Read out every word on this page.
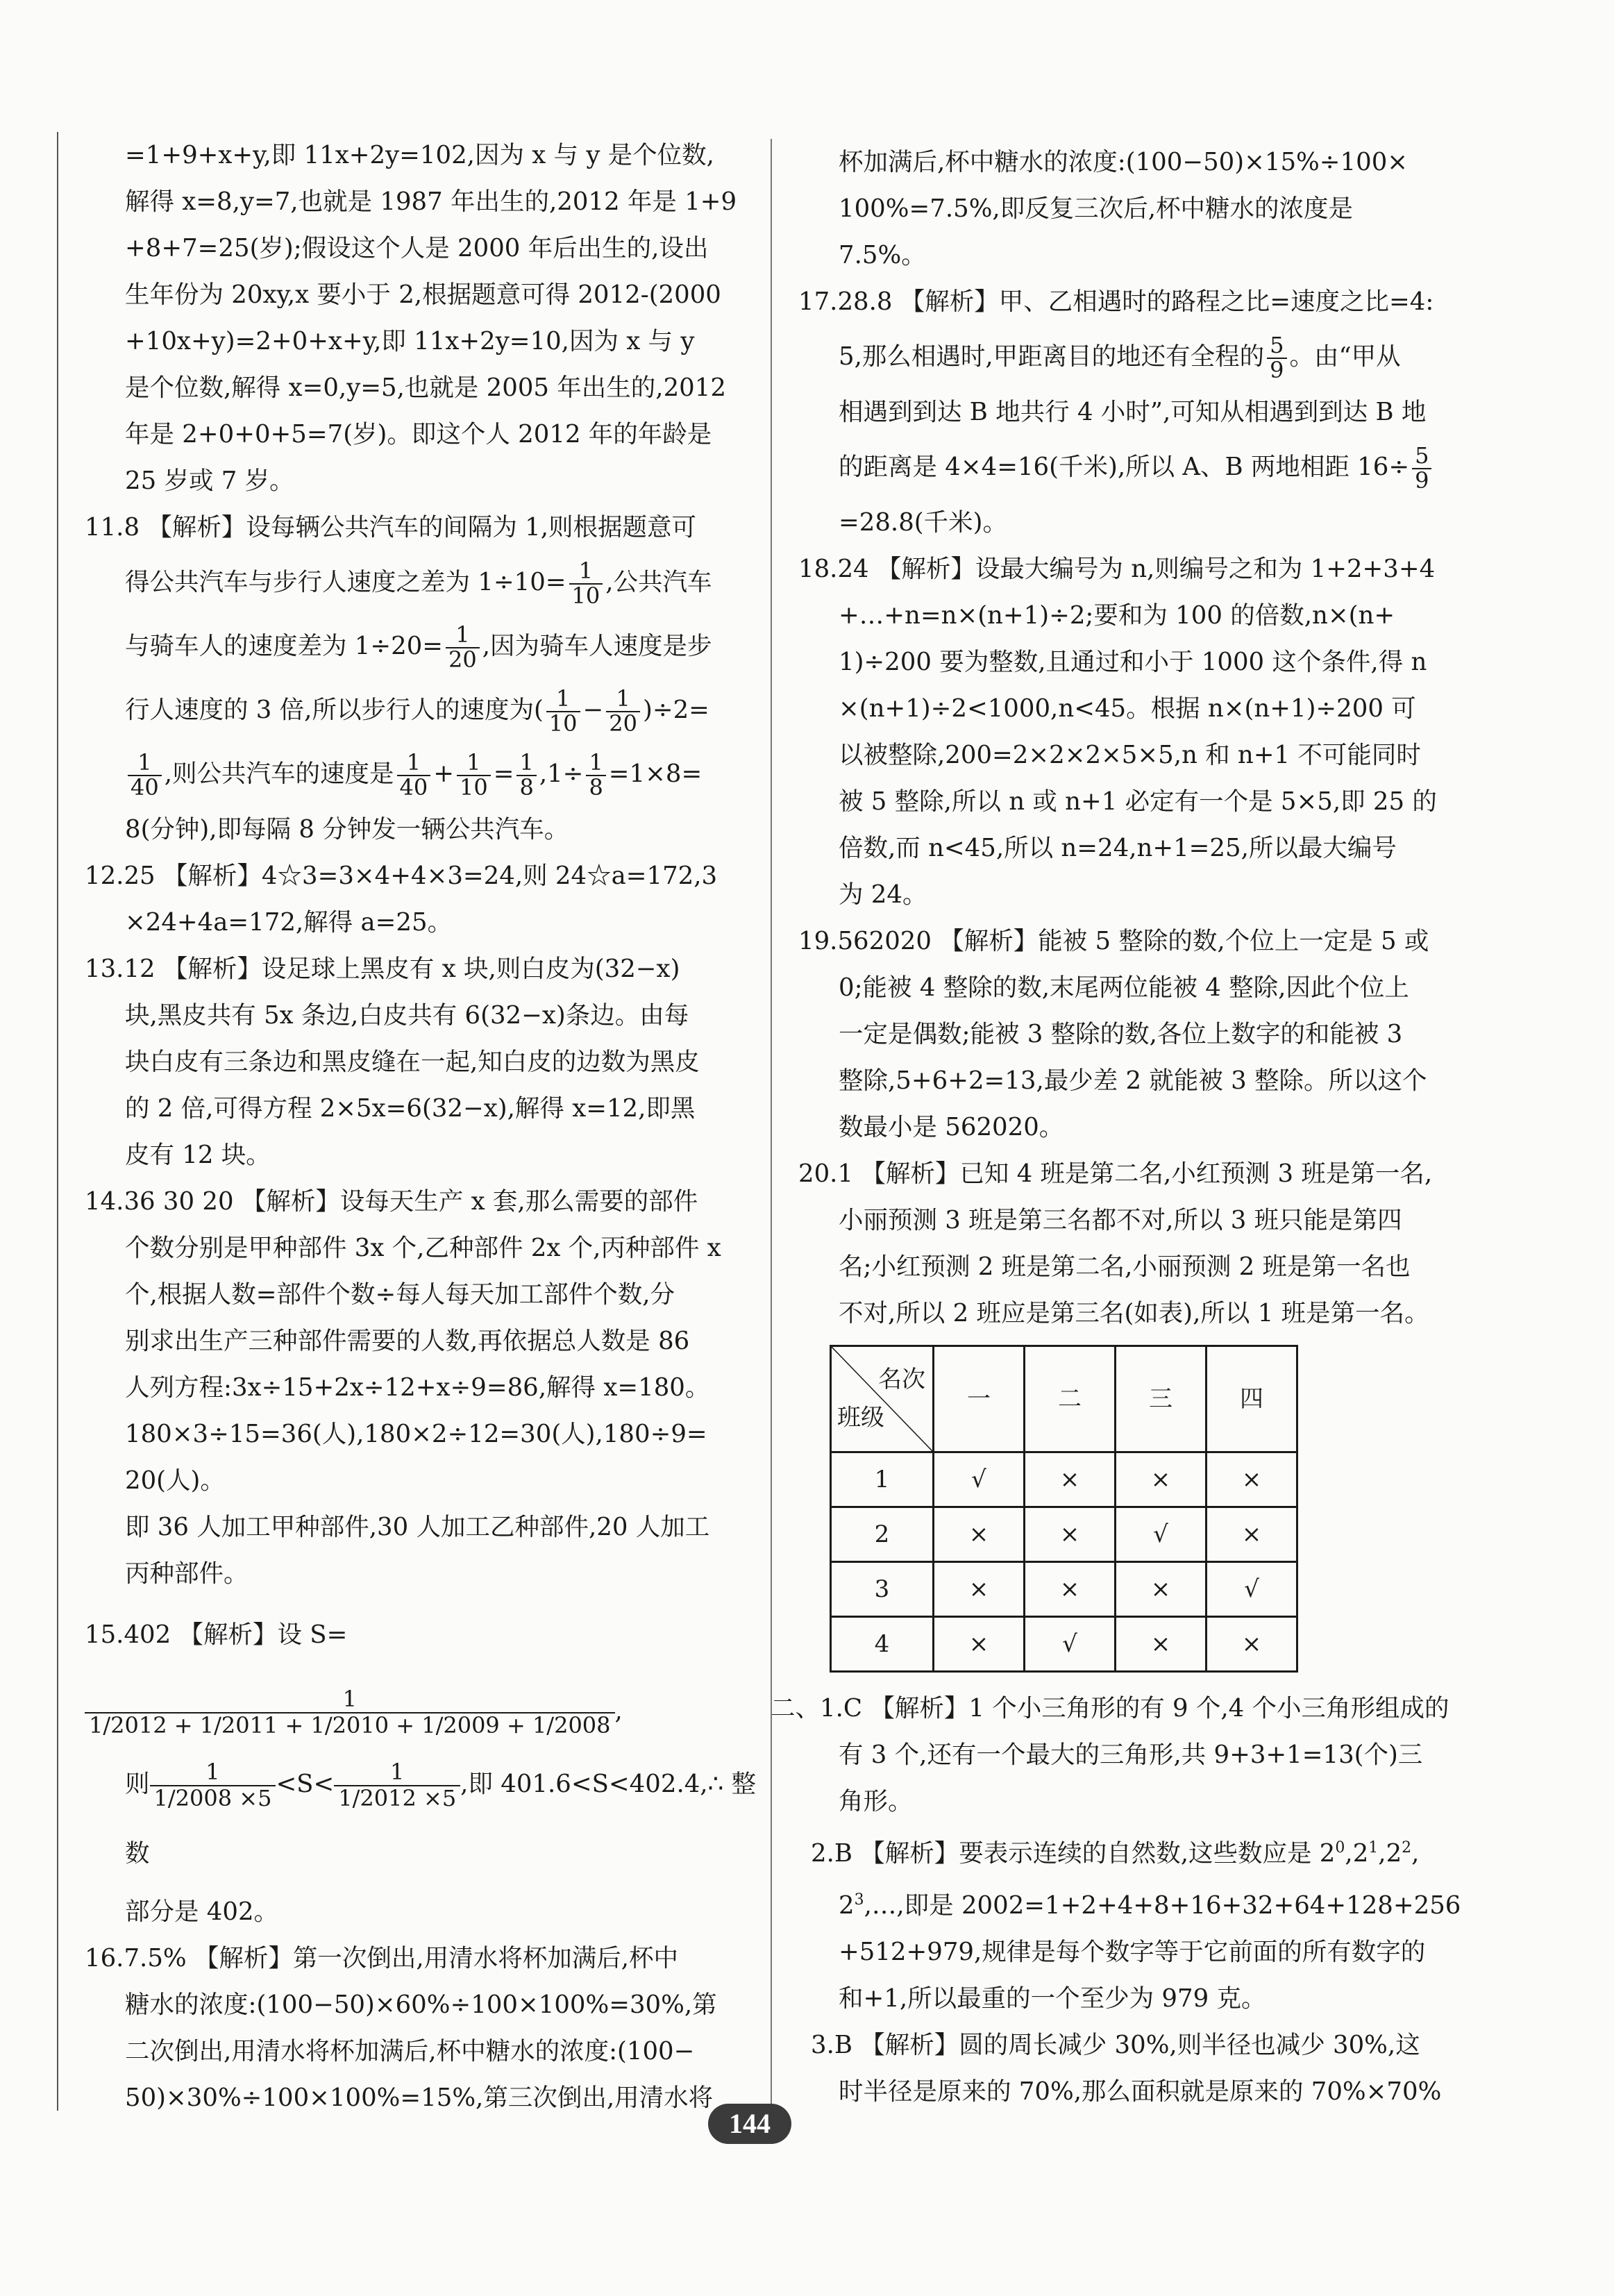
=1+9+x+y,即 11x+2y=102,因为 x 与 y 是个位数,

解得 x=8,y=7,也就是 1987 年出生的,2012 年是 1+9

+8+7=25(岁);假设这个人是 2000 年后出生的,设出

生年份为 20xy,x 要小于 2,根据题意可得 2012-(2000

+10x+y)=2+0+x+y,即 11x+2y=10,因为 x 与 y

是个位数,解得 x=0,y=5,也就是 2005 年出生的,2012

年是 2+0+0+5=7(岁)。即这个人 2012 年的年龄是

25 岁或 7 岁。

11.8 【解析】设每辆公共汽车的间隔为 1,则根据题意可

得公共汽车与步行人速度之差为 $1\div 10= \frac{1}{10}$ ,公共汽车

与骑车人的速度差为 $1\div 20= \frac{1}{20}$ ,因为骑车人速度是步

行人速度的 3 倍,所以步行人的速度为( $\frac{1}{10} - \frac{1}{20} )\div 2=$

$\frac{1}{40}$ ,则公共汽车的速度是 $\frac{1}{40} + \frac{1}{10} = \frac{1}{8} ,1\div \frac{1}{8} =1\times 8=$

8(分钟),即每隔 8 分钟发一辆公共汽车。

12.25 【解析】4☆3=3×4+4×3=24,则 24☆a=172,3

×24+4a=172,解得 a=25。

13.12 【解析】设足球上黑皮有 x 块,则白皮为(32−x)

块,黑皮共有 5x 条边,白皮共有 6(32−x)条边。由每

块白皮有三条边和黑皮缝在一起,知白皮的边数为黑皮

的 2 倍,可得方程 2×5x=6(32−x),解得 x=12,即黑

皮有 12 块。

14.36 30 20 【解析】设每天生产 x 套,那么需要的部件

个数分别是甲种部件 3x 个,乙种部件 2x 个,丙种部件 x

个,根据人数=部件个数÷每人每天加工部件个数,分

别求出生产三种部件需要的人数,再依据总人数是 86

人列方程:3x÷15+2x÷12+x÷9=86,解得 x=180。

180×3÷15=36(人),180×2÷12=30(人),180÷9=

20(人)。

即 36 人加工甲种部件,30 人加工乙种部件,20 人加工

丙种部件。

15.402 【解析】设 S=
$\frac{1}{1/2012 + 1/2011 + 1/2010 + 1/2009 + 1/2008}$ ,

则 $\frac{1}{1/2008 \times 5} <S< \frac{1}{1/2012 \times 5}$ ,即 401.6<S<402.4,∴ 整数

部分是 402。

16.7.5% 【解析】第一次倒出,用清水将杯加满后,杯中

糖水的浓度:(100−50)×60%÷100×100%=30%,第

二次倒出,用清水将杯加满后,杯中糖水的浓度:(100−

50)×30%÷100×100%=15%,第三次倒出,用清水将

杯加满后,杯中糖水的浓度:(100−50)×15%÷100×

100%=7.5%,即反复三次后,杯中糖水的浓度是

7.5%。

17.28.8 【解析】甲、乙相遇时的路程之比=速度之比=4:

5,那么相遇时,甲距离目的地还有全程的 $\frac{5}{9}$ 。由“甲从

相遇到到达 B 地共行 4 小时”,可知从相遇到到达 B 地

的距离是 4×4=16(千米),所以 A、B 两地相距 $16\div \frac{5}{9}$

=28.8(千米)。

18.24 【解析】设最大编号为 n,则编号之和为 1+2+3+4

+…+n=n×(n+1)÷2;要和为 100 的倍数,n×(n+

1)÷200 要为整数,且通过和小于 1000 这个条件,得 n

×(n+1)÷2<1000,n<45。根据 n×(n+1)÷200 可

以被整除,200=2×2×2×5×5,n 和 n+1 不可能同时

被 5 整除,所以 n 或 n+1 必定有一个是 5×5,即 25 的

倍数,而 n<45,所以 n=24,n+1=25,所以最大编号

为 24。

19.562020 【解析】能被 5 整除的数,个位上一定是 5 或

0;能被 4 整除的数,末尾两位能被 4 整除,因此个位上

一定是偶数;能被 3 整除的数,各位上数字的和能被 3

整除,5+6+2=13,最少差 2 就能被 3 整除。所以这个

数最小是 562020。

20.1 【解析】已知 4 班是第二名,小红预测 3 班是第一名,

小丽预测 3 班是第三名都不对,所以 3 班只能是第四

名;小红预测 2 班是第二名,小丽预测 2 班是第一名也

不对,所以 2 班应是第三名(如表),所以 1 班是第一名。

名次
班级	一	二	三	四
1	√	×	×	×
2	×	×	√	×
3	×	×	×	√
4	×	√	×	×

二、1.C 【解析】1 个小三角形的有 9 个,4 个小三角形组成的

有 3 个,还有一个最大的三角形,共 9+3+1=13(个)三

角形。

2.B 【解析】要表示连续的自然数,这些数应是 $2^0,2^1,2^2$,

$2^3,\dots$,即是 2002=1+2+4+8+16+32+64+128+256

+512+979,规律是每个数字等于它前面的所有数字的

和+1,所以最重的一个至少为 979 克。

3.B 【解析】圆的周长减少 30%,则半径也减少 30%,这

时半径是原来的 70%,那么面积就是原来的 70%×70%

144
